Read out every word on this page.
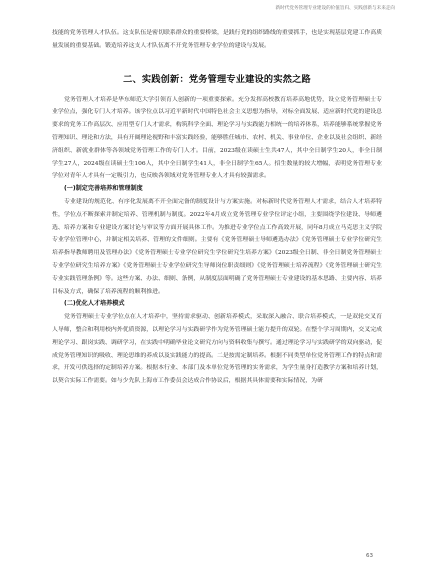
新时代党务管理专业建设的价值旨归、实践创新与未来走向

技能的党务管理人才队伍。这支队伍是密切联系群众的重要桥梁，是践行党的组织路线的重要抓手，也是实现基层党建工作高质量发展的重要基础。锻造培养这支人才队伍离不开党务管理专业学位的建设与发展。

二、实践创新：党务管理专业建设的实然之路

党务管理人才培养是华东师范大学引领育人创新的一项重要探索。充分发挥高校教育培养高地优势，设立党务管理硕士专业学位点，强化专门人才培养。该学位点以习近平新时代中国特色社会主义思想为指导，对标全面发展、适应新时代党的建设总要求的党务工作高层次、应用型专门人才需求，构筑科学全面、理论学习与实践能力相统一的培养体系，培养能够系统掌握党务管理知识、理论和方法，具有开阔理论视野和丰富实践经验，能够胜任城市、农村、机关、事业单位、企业以及社会组织、新经济组织、新就业群体等各领域党务管理工作的专门人才。目前，2023级在读硕士生共47人，其中全日制学生20人，非全日制学生27人，2024级在读硕士生106人，其中全日制学生41人，非全日制学生65人。招生数量的较大增幅，表明党务管理专业学位对青年人才具有一定吸引力，也反映各领域对党务管理专业人才具有较强需求。

(一)制定完善培养和管理制度

专业建设的规范化、有序化发展离不开全面完备的制度设计与方案实施。对标新时代党务管理人才需求，结合人才培养特性，学位点不断探索并制定培养、管理机制与制度。2022年4月成立党务管理专业学位评定小组，主要围绕学位建设、导师遴选、培养方案和专业建设方案讨论与审议等方面开展具体工作。为推进专业学位点工作高效开展，同年8月成立马克思主义学院专业学位管理中心，并制定相关培养、管理的文件细则。主要有《党务管理硕士导师遴选办法》《党务管理硕士专业学位研究生培养指导教师聘用及管理办法》《党务管理硕士专业学位研究生学位研究生培养方案》《2023级全日制、非全日制党务管理硕士专业学位研究生培养方案》《党务管理硕士专业学位研究生导师岗位职责细则》《党务管理硕士培养流程》《党务管理硕士研究生专业实践管理条例》等。这些方案、办法、细则、条例，从制度层面明确了党务管理硕士专业建设的基本思路、主要内容、培养目标及方式，确保了培养流程的顺利推进。

(二)优化人才培养模式

党务管理硕士专业学位点在人才培养中，坚持需求驱动、创新培养模式，采取深入融合、联合培养模式，一是双轮交叉育人导师，整合和利用校内外优质资源，以理论学习与实践研学作为党务管理硕士能力提升的双轮。在整个学习周期内，交叉完成理论学习、跟岗实践、调研学习，在实践中明确毕业论文研究方向与资料收集与撰写。通过理论学习与实践研学的双向驱动，促成党务管理知识的吸收、理论思维的养成以及实践能力的提高。二是按需定制培养。根据不同类型单位党务管理工作的特点和需求，开发可供选择的定制培养方案。根据本行业、本部门及本单位党务管理的实务需求，为学生量身打造教学方案和培养计划，以契合实际工作需要。如与少先队上海市工作委员会达成合作协议后，根据其具体需要和实际情况，为研

63
